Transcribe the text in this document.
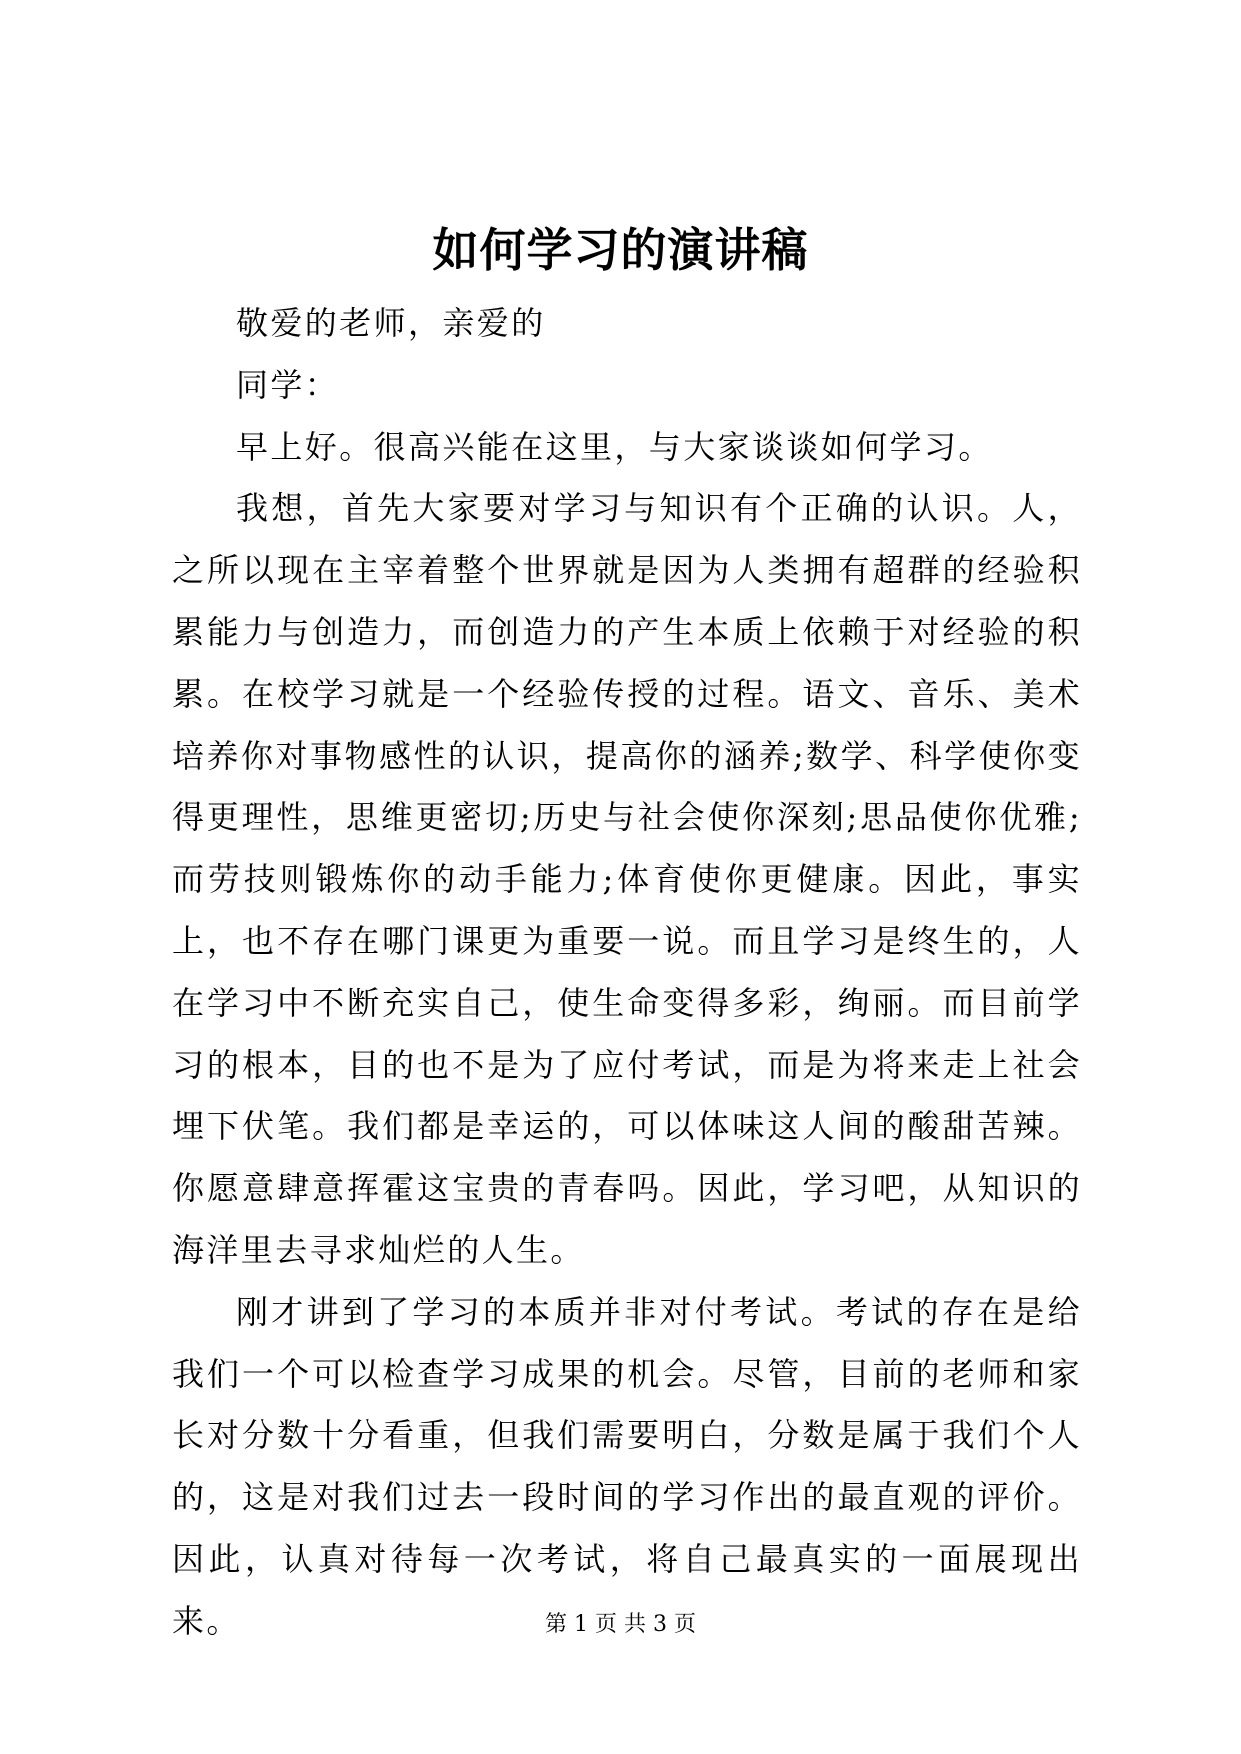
如何学习的演讲稿

敬爱的老师，亲爱的

同学：

早上好。很高兴能在这里，与大家谈谈如何学习。

我想，首先大家要对学习与知识有个正确的认识。人，之所以现在主宰着整个世界就是因为人类拥有超群的经验积累能力与创造力，而创造力的产生本质上依赖于对经验的积累。在校学习就是一个经验传授的过程。语文、音乐、美术培养你对事物感性的认识，提高你的涵养;数学、科学使你变得更理性，思维更密切;历史与社会使你深刻;思品使你优雅;而劳技则锻炼你的动手能力;体育使你更健康。因此，事实上，也不存在哪门课更为重要一说。而且学习是终生的，人在学习中不断充实自己，使生命变得多彩，绚丽。而目前学习的根本，目的也不是为了应付考试，而是为将来走上社会埋下伏笔。我们都是幸运的，可以体味这人间的酸甜苦辣。你愿意肆意挥霍这宝贵的青春吗。因此，学习吧，从知识的海洋里去寻求灿烂的人生。

刚才讲到了学习的本质并非对付考试。考试的存在是给我们一个可以检查学习成果的机会。尽管，目前的老师和家长对分数十分看重，但我们需要明白，分数是属于我们个人的，这是对我们过去一段时间的学习作出的最直观的评价。因此，认真对待每一次考试，将自己最真实的一面展现出来。	第 1 页 共 3 页
